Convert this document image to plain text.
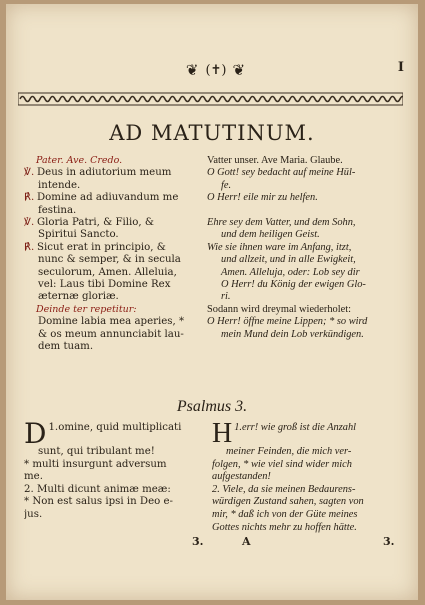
I
❦ (✝) ❦
AD MATUTINUM.
Pater. Ave. Credo.
℣. Deus in adiutorium meum
intende.
℟. Domine ad adiuvandum me
festina.
℣. Gloria Patri, & Filio, &
Spiritui Sancto.
℟. Sicut erat in principio, &
nunc & semper, & in secula
seculorum, Amen. Alleluia,
vel: Laus tibi Domine Rex
æternæ gloriæ.
Deinde ter repetitur:
Domine labia mea aperies, *
& os meum annunciabit lau-
dem tuam.
Vatter unser. Ave Maria. Glaube.
O Gott! sey bedacht auf meine Hül-
fe.
O Herr! eile mir zu helfen.

Ehre sey dem Vatter, und dem Sohn,
und dem heiligen Geist.
Wie sie ihnen ware im Anfang, itzt,
und allzeit, und in alle Ewigkeit,
Amen. Alleluja, oder: Lob sey dir
O Herr! du König der ewigen Glo-
ri.
Sodann wird dreymal wiederholet:
O Herr! öffne meine Lippen; * so wird
mein Mund dein Lob verkündigen.
Psalmus 3.
1.
D omine, quid multiplicati
sunt, qui tribulant me!
* multi insurgunt adversum
me.
2. Multi dicunt animæ meæ:
* Non est salus ipsi in Deo e-
jus.
1.
H err! wie groß ist die Anzahl
meiner Feinden, die mich ver-
folgen, * wie viel sind wider mich
aufgestanden!
2. Viele, da sie meinen Bedaurens-
würdigen Zustand sahen, sagten von
mir, * daß ich von der Güte meines
Gottes nichts mehr zu hoffen hätte.
3.	A	3.
